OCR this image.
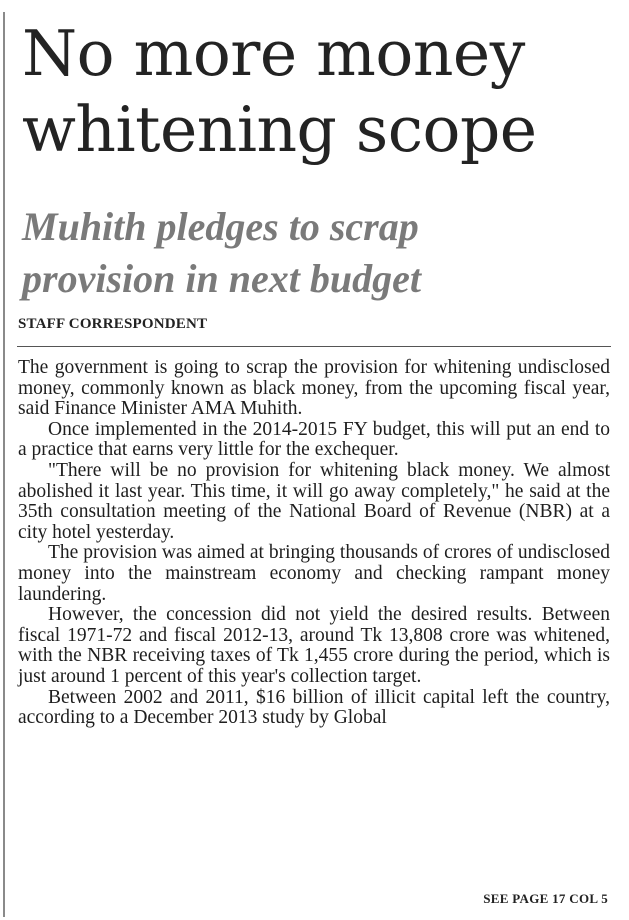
No more money
whitening scope
Muhith pledges to scrap
provision in next budget
STAFF CORRESPONDENT

The government is going to scrap the provision for whitening undisclosed money, commonly known as black money, from the upcoming fiscal year, said Finance Minister AMA Muhith.

Once implemented in the 2014-2015 FY budget, this will put an end to a practice that earns very little for the exchequer.

"There will be no provision for whitening black money. We almost abolished it last year. This time, it will go away completely," he said at the 35th consultation meeting of the National Board of Revenue (NBR) at a city hotel yesterday.

The provision was aimed at bringing thousands of crores of undisclosed money into the mainstream economy and checking rampant money laundering.

However, the concession did not yield the desired results. Between fiscal 1971-72 and fiscal 2012-13, around Tk 13,808 crore was whitened, with the NBR receiving taxes of Tk 1,455 crore during the period, which is just around 1 percent of this year's collection target.

Between 2002 and 2011, $16 billion of illicit capital left the country, according to a December 2013 study by Global

SEE PAGE 17 COL 5
